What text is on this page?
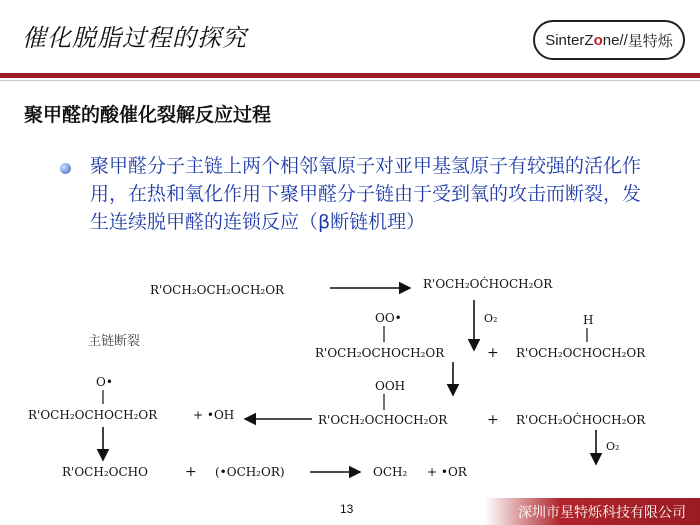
催化脱脂过程的探究	SinterZ o ne // 星特烁
聚甲醛的酸催化裂解反应过程
聚甲醛分子主链上两个相邻氧原子对亚甲基氢原子有较强的活化作用，在热和氧化作用下聚甲醛分子链由于受到氧的攻击而断裂，发生连续脱甲醛的连锁反应（β断链机理）
主链断裂
R'OCH₂OCH₂OCH₂OR	R'OCH₂OĊHOCH₂OR
O₂
OO•
R'OCH₂OCHOCH₂OR	+
H
R'OCH₂OCHOCH₂OR
OOH
R'OCH₂OCHOCH₂OR	+ R'OCH₂OĊHOCH₂OR
O₂
O•
R'OCH₂OCHOCH₂OR	+ •OH
R'OCH₂OCHO	+ (•OCH₂OR)	OCH₂ + •OR
13	深圳市星特烁科技有限公司
